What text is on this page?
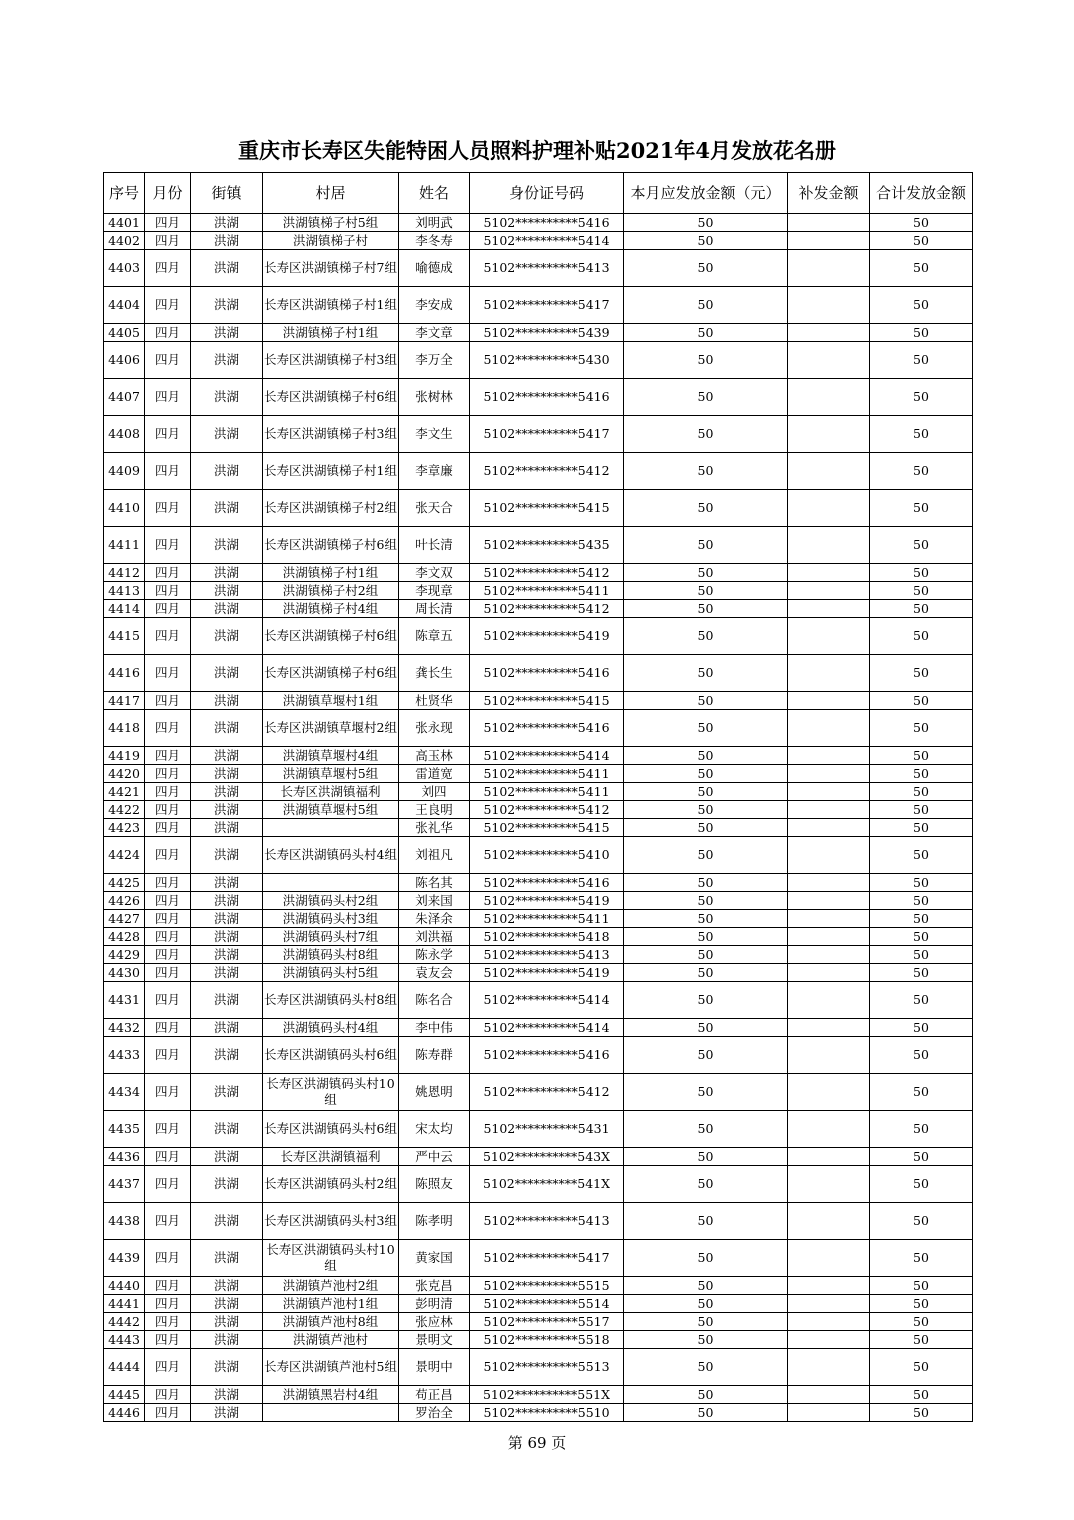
重庆市长寿区失能特困人员照料护理补贴2021年4月发放花名册
序号	月份	街镇	村居	姓名	身份证号码	本月应发放金额（元）	补发金额	合计发放金额
4401	四月	洪湖	洪湖镇梯子村5组	刘明武	5102**********5416	50		50
4402	四月	洪湖	洪湖镇梯子村	李冬寿	5102**********5414	50		50
4403	四月	洪湖	长寿区洪湖镇梯子村7组	喻德成	5102**********5413	50		50
4404	四月	洪湖	长寿区洪湖镇梯子村1组	李安成	5102**********5417	50		50
4405	四月	洪湖	洪湖镇梯子村1组	李文章	5102**********5439	50		50
4406	四月	洪湖	长寿区洪湖镇梯子村3组	李万全	5102**********5430	50		50
4407	四月	洪湖	长寿区洪湖镇梯子村6组	张树林	5102**********5416	50		50
4408	四月	洪湖	长寿区洪湖镇梯子村3组	李文生	5102**********5417	50		50
4409	四月	洪湖	长寿区洪湖镇梯子村1组	李章廉	5102**********5412	50		50
4410	四月	洪湖	长寿区洪湖镇梯子村2组	张天合	5102**********5415	50		50
4411	四月	洪湖	长寿区洪湖镇梯子村6组	叶长清	5102**********5435	50		50
4412	四月	洪湖	洪湖镇梯子村1组	李文双	5102**********5412	50		50
4413	四月	洪湖	洪湖镇梯子村2组	李现章	5102**********5411	50		50
4414	四月	洪湖	洪湖镇梯子村4组	周长清	5102**********5412	50		50
4415	四月	洪湖	长寿区洪湖镇梯子村6组	陈章五	5102**********5419	50		50
4416	四月	洪湖	长寿区洪湖镇梯子村6组	龚长生	5102**********5416	50		50
4417	四月	洪湖	洪湖镇草堰村1组	杜贤华	5102**********5415	50		50
4418	四月	洪湖	长寿区洪湖镇草堰村2组	张永现	5102**********5416	50		50
4419	四月	洪湖	洪湖镇草堰村4组	高玉林	5102**********5414	50		50
4420	四月	洪湖	洪湖镇草堰村5组	雷道宽	5102**********5411	50		50
4421	四月	洪湖	长寿区洪湖镇福利	刘四	5102**********5411	50		50
4422	四月	洪湖	洪湖镇草堰村5组	王良明	5102**********5412	50		50
4423	四月	洪湖		张礼华	5102**********5415	50		50
4424	四月	洪湖	长寿区洪湖镇码头村4组	刘祖凡	5102**********5410	50		50
4425	四月	洪湖		陈名其	5102**********5416	50		50
4426	四月	洪湖	洪湖镇码头村2组	刘来国	5102**********5419	50		50
4427	四月	洪湖	洪湖镇码头村3组	朱泽余	5102**********5411	50		50
4428	四月	洪湖	洪湖镇码头村7组	刘洪福	5102**********5418	50		50
4429	四月	洪湖	洪湖镇码头村8组	陈永学	5102**********5413	50		50
4430	四月	洪湖	洪湖镇码头村5组	袁友会	5102**********5419	50		50
4431	四月	洪湖	长寿区洪湖镇码头村8组	陈名合	5102**********5414	50		50
4432	四月	洪湖	洪湖镇码头村4组	李中伟	5102**********5414	50		50
4433	四月	洪湖	长寿区洪湖镇码头村6组	陈寿群	5102**********5416	50		50
4434	四月	洪湖	长寿区洪湖镇码头村10组	姚恩明	5102**********5412	50		50
4435	四月	洪湖	长寿区洪湖镇码头村6组	宋太均	5102**********5431	50		50
4436	四月	洪湖	长寿区洪湖镇福利	严中云	5102**********543X	50		50
4437	四月	洪湖	长寿区洪湖镇码头村2组	陈照友	5102**********541X	50		50
4438	四月	洪湖	长寿区洪湖镇码头村3组	陈孝明	5102**********5413	50		50
4439	四月	洪湖	长寿区洪湖镇码头村10组	黄家国	5102**********5417	50		50
4440	四月	洪湖	洪湖镇芦池村2组	张克昌	5102**********5515	50		50
4441	四月	洪湖	洪湖镇芦池村1组	彭明清	5102**********5514	50		50
4442	四月	洪湖	洪湖镇芦池村8组	张应林	5102**********5517	50		50
4443	四月	洪湖	洪湖镇芦池村	景明文	5102**********5518	50		50
4444	四月	洪湖	长寿区洪湖镇芦池村5组	景明中	5102**********5513	50		50
4445	四月	洪湖	洪湖镇黑岩村4组	苟正昌	5102**********551X	50		50
4446	四月	洪湖		罗治全	5102**********5510	50		50
第 69 页
